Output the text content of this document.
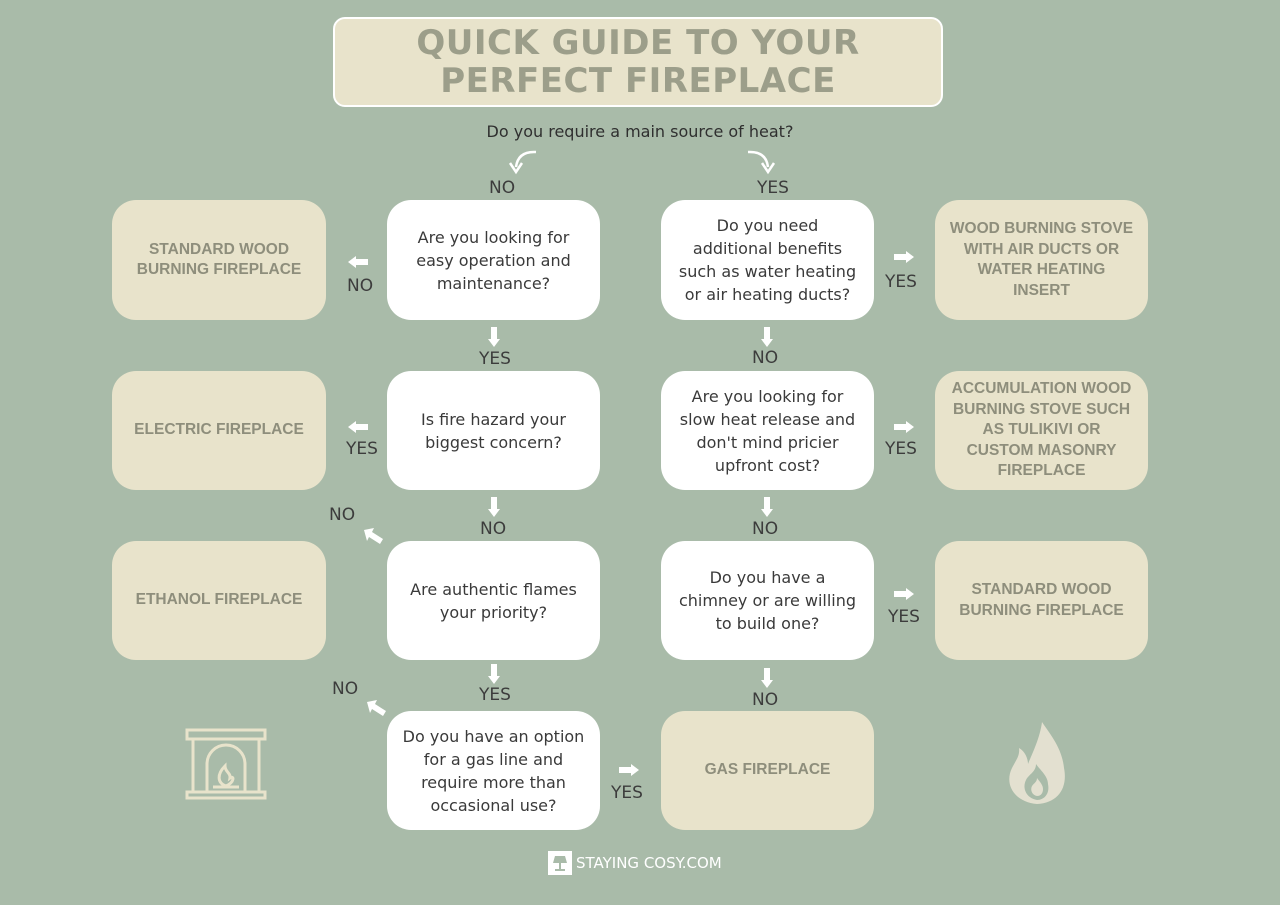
QUICK GUIDE TO YOUR
PERFECT FIREPLACE
Do you require a main source of heat?
NO	YES
Are you looking for easy operation and maintenance?
Is fire hazard your biggest concern?
Are authentic flames your priority?
Do you have an option for a gas line and require more than occasional use?
Do you need additional benefits such as water heating or air heating ducts?
Are you looking for slow heat release and don't mind pricier upfront cost?
Do you have a chimney or are willing to build one?
STANDARD WOOD BURNING FIREPLACE
ELECTRIC FIREPLACE
ETHANOL FIREPLACE
WOOD BURNING STOVE WITH AIR DUCTS OR WATER HEATING INSERT
ACCUMULATION WOOD BURNING STOVE SUCH AS TULIKIVI OR CUSTOM MASONRY FIREPLACE
STANDARD WOOD BURNING FIREPLACE
GAS FIREPLACE
NO
YES
YES
NO
NO
YES
NO
YES
YES
NO
YES
NO
YES
NO
STAYING COSY.COM
